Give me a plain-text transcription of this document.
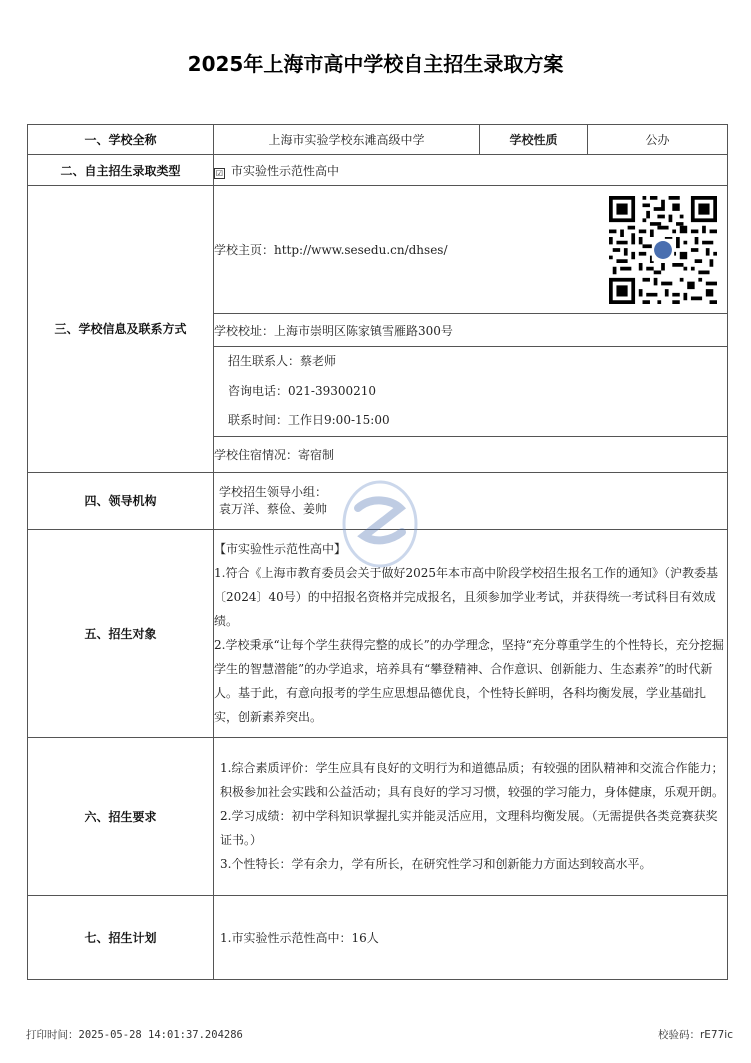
2025年上海市高中学校自主招生录取方案
一、学校全称	上海市实验学校东滩高级中学	学校性质	公办
二、自主招生录取类型	☑ 市实验性示范性高中		
三、学校信息及联系方式	学校主页：http://www.sesedu.cn/dhses/		

	学校校址：上海市崇明区陈家镇雪雁路300号		

	招生联系人：蔡老师
咨询电话：021-39300210
联系时间：工作日9:00-15:00		

	学校住宿情况：寄宿制		
四、领导机构	学校招生领导小组：
袁万洋、蔡俭、姜帅		

五、招生对象	【市实验性示范性高中】

1.符合《上海市教育委员会关于做好2025年本市高中阶段学校招生报名工作的通知》（沪教委基〔2024〕40号）的中招报名资格并完成报名，且须参加学业考试，并获得统一考试科目有效成绩。

2.学校秉承“让每个学生获得完整的成长”的办学理念，坚持“充分尊重学生的个性特长，充分挖掘学生的智慧潜能”的办学追求，培养具有“攀登精神、合作意识、创新能力、生态素养”的时代新人。基于此，有意向报考的学生应思想品德优良，个性特长鲜明，各科均衡发展，学业基础扎实，创新素养突出。		

六、招生要求	1.综合素质评价：学生应具有良好的文明行为和道德品质；有较强的团队精神和交流合作能力；积极参加社会实践和公益活动；具有良好的学习习惯，较强的学习能力，身体健康，乐观开朗。

2.学习成绩：初中学科知识掌握扎实并能灵活应用，文理科均衡发展。（无需提供各类竞赛获奖证书。）

3.个性特长：学有余力，学有所长，在研究性学习和创新能力方面达到较高水平。		

七、招生计划	1.市实验性示范性高中：16人		
打印时间：2025-05-28 14:01:37.204286	校验码：rE77ic
